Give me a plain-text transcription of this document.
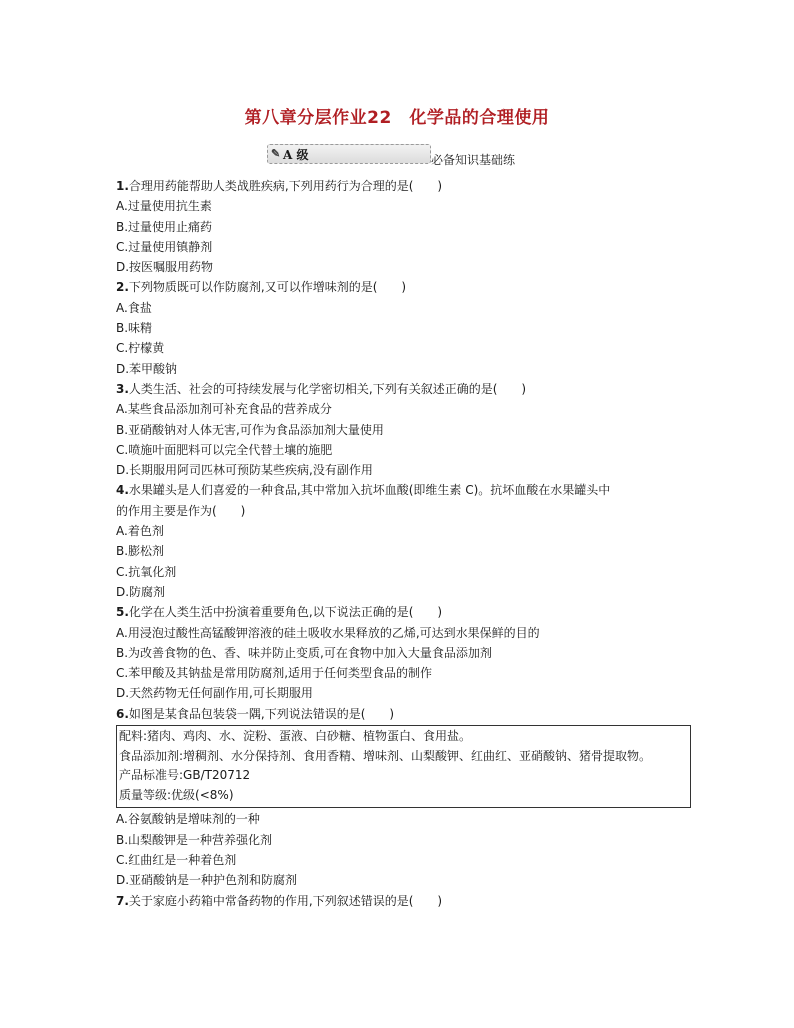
第八章分层作业22　化学品的合理使用
✎ A 级	必备知识基础练
1.合理用药能帮助人类战胜疾病,下列用药行为合理的是(　　)
A.过量使用抗生素
B.过量使用止痛药
C.过量使用镇静剂
D.按医嘱服用药物
2.下列物质既可以作防腐剂,又可以作增味剂的是(　　)
A.食盐
B.味精
C.柠檬黄
D.苯甲酸钠
3.人类生活、社会的可持续发展与化学密切相关,下列有关叙述正确的是(　　)
A.某些食品添加剂可补充食品的营养成分
B.亚硝酸钠对人体无害,可作为食品添加剂大量使用
C.喷施叶面肥料可以完全代替土壤的施肥
D.长期服用阿司匹林可预防某些疾病,没有副作用
4.水果罐头是人们喜爱的一种食品,其中常加入抗坏血酸(即维生素 C)。抗坏血酸在水果罐头中
的作用主要是作为(　　)
A.着色剂
B.膨松剂
C.抗氧化剂
D.防腐剂
5.化学在人类生活中扮演着重要角色,以下说法正确的是(　　)
A.用浸泡过酸性高锰酸钾溶液的硅土吸收水果释放的乙烯,可达到水果保鲜的目的
B.为改善食物的色、香、味并防止变质,可在食物中加入大量食品添加剂
C.苯甲酸及其钠盐是常用防腐剂,适用于任何类型食品的制作
D.天然药物无任何副作用,可长期服用
6.如图是某食品包装袋一隅,下列说法错误的是(　　)
配料:猪肉、鸡肉、水、淀粉、蛋液、白砂糖、植物蛋白、食用盐。
食品添加剂:增稠剂、水分保持剂、食用香精、增味剂、山梨酸钾、红曲红、亚硝酸钠、猪骨提取物。
产品标准号:GB/T20712
质量等级:优级(<8%)
A.谷氨酸钠是增味剂的一种
B.山梨酸钾是一种营养强化剂
C.红曲红是一种着色剂
D.亚硝酸钠是一种护色剂和防腐剂
7.关于家庭小药箱中常备药物的作用,下列叙述错误的是(　　)
